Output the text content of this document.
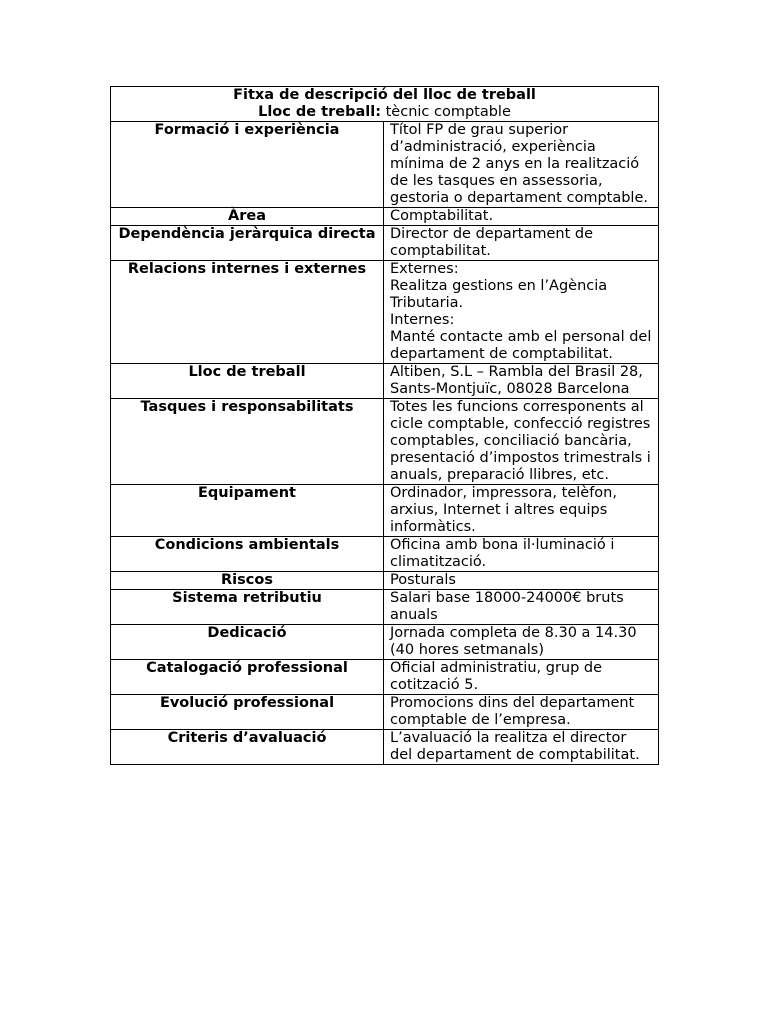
Fitxa de descripció del lloc de treball
Lloc de treball: tècnic comptable	
Formació i experiència	Títol FP de grau superior d’administració, experiència mínima de 2 anys en la realització de les tasques en assessoria, gestoria o departament comptable.
Àrea	Comptabilitat.
Dependència jeràrquica directa	Director de departament de comptabilitat.
Relacions internes i externes	Externes:
Realitza gestions en l’Agència Tributaria.
Internes:
Manté contacte amb el personal del departament de comptabilitat.
Lloc de treball	Altiben, S.L – Rambla del Brasil 28, Sants-Montjuïc, 08028 Barcelona
Tasques i responsabilitats	Totes les funcions corresponents al cicle comptable, confecció registres comptables, conciliació bancària, presentació d’impostos trimestrals i anuals, preparació llibres, etc.
Equipament	Ordinador, impressora, telèfon, arxius, Internet i altres equips informàtics.
Condicions ambientals	Oficina amb bona il·luminació i climatització.
Riscos	Posturals
Sistema retributiu	Salari base 18000-24000€ bruts anuals
Dedicació	Jornada completa de 8.30 a 14.30 (40 hores setmanals)
Catalogació professional	Oficial administratiu, grup de cotització 5.
Evolució professional	Promocions dins del departament comptable de l’empresa.
Criteris d’avaluació	L’avaluació la realitza el director del departament de comptabilitat.
